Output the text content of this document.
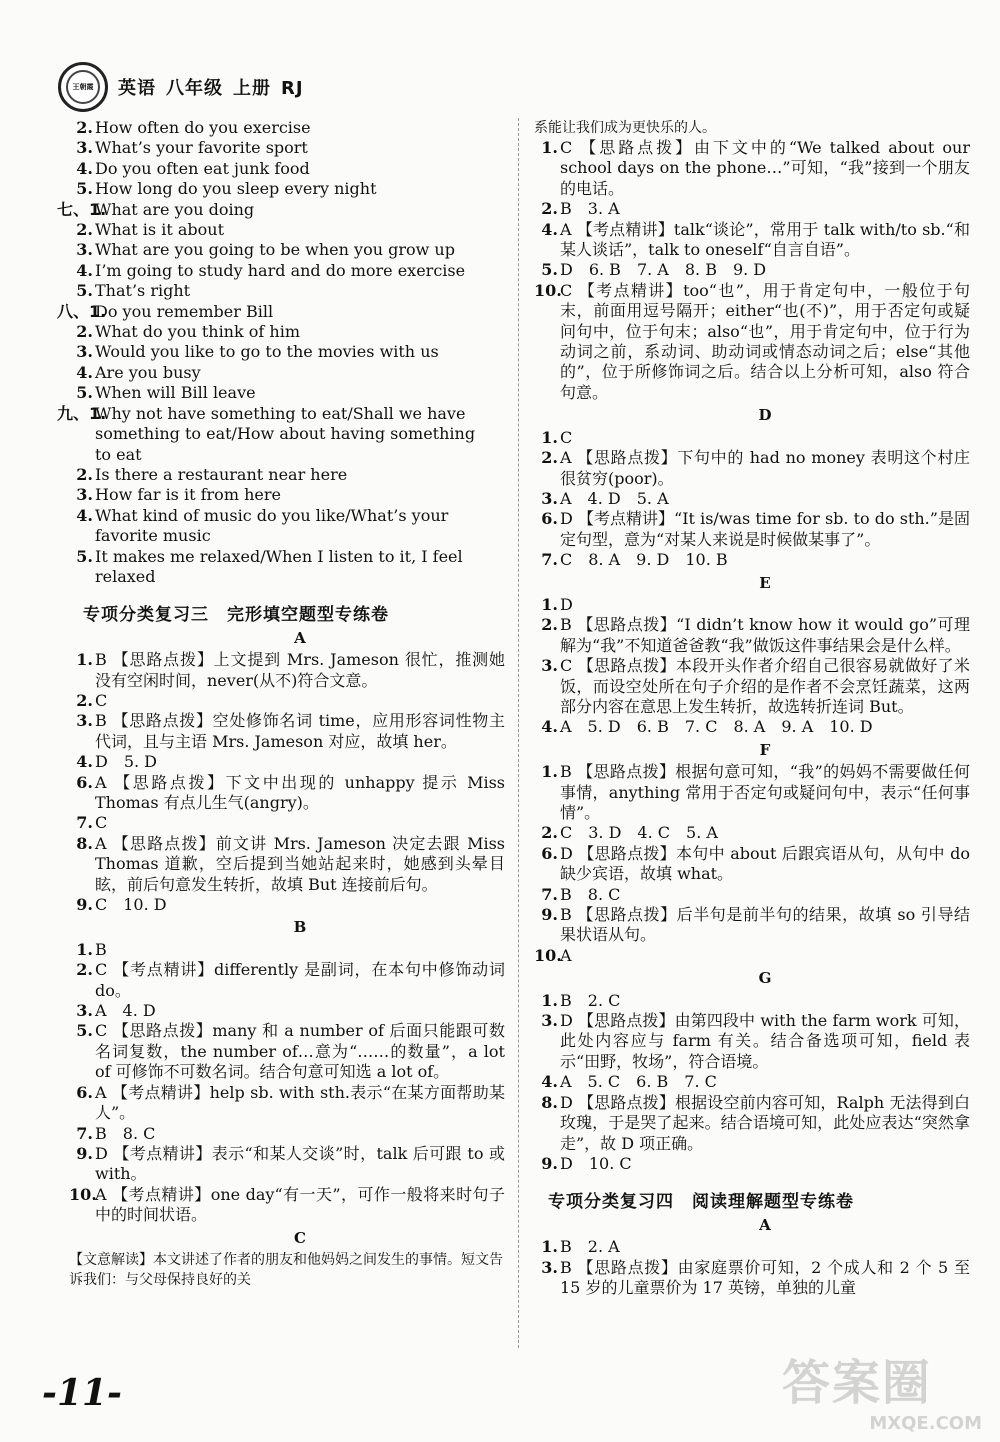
王朝霞 英语 八年级 上册 RJ
2. How often do you exercise
3. What’s your favorite sport
4. Do you often eat junk food
5. How long do you sleep every night
七、1.
What are you doing
2. What is it about
3. What are you going to be when you grow up
4. I’m going to study hard and do more exercise
5. That’s right
八、1.
Do you remember Bill
2. What do you think of him
3. Would you like to go to the movies with us
4. Are you busy
5. When will Bill leave
九、1.
Why not have something to eat/Shall we have
something to eat/How about having something
to eat
2. Is there a restaurant near here
3. How far is it from here
4. What kind of music do you like/What’s your
favorite music
5. It makes me relaxed/When I listen to it, I feel
relaxed
专项分类复习三　完形填空题型专练卷
A
1. B 【思路点拨】上文提到 Mrs. Jameson 很忙，推测她没有空闲时间，never(从不)符合文意。
2. C
3. B 【思路点拨】空处修饰名词 time，应用形容词性物主代词，且与主语 Mrs. Jameson 对应，故填 her。
4. D　5. D
6. A 【思路点拨】下文中出现的 unhappy 提示 Miss Thomas 有点儿生气(angry)。
7. C
8. A 【思路点拨】前文讲 Mrs. Jameson 决定去跟 Miss Thomas 道歉，空后提到当她站起来时，她感到头晕目眩，前后句意发生转折，故填 But 连接前后句。
9. C　10. D
B
1. B
2. C 【考点精讲】differently 是副词，在本句中修饰动词 do。
3. A　4. D
5. C 【思路点拨】many 和 a number of 后面只能跟可数名词复数，the number of…意为“……的数量”，a lot of 可修饰不可数名词。结合句意可知选 a lot of。
6. A 【考点精讲】help sb. with sth.表示“在某方面帮助某人”。
7. B　8. C
9. D 【考点精讲】表示“和某人交谈”时，talk 后可跟 to 或 with。
10.
A 【考点精讲】one day“有一天”，可作一般将来时句子中的时间状语。
C
【文意解读】本文讲述了作者的朋友和他妈妈之间发生的事情。短文告诉我们：与父母保持良好的关
系能让我们成为更快乐的人。
1. C 【思路点拨】由下文中的“We talked about our school days on the phone…”可知，“我”接到一个朋友的电话。
2. B　3. A
4. A 【考点精讲】talk“谈论”，常用于 talk with/to sb.“和某人谈话”，talk to oneself“自言自语”。
5. D　6. B　7. A　8. B　9. D
10.
C 【考点精讲】too“也”，用于肯定句中，一般位于句末，前面用逗号隔开；either“也(不)”，用于否定句或疑问句中，位于句末；also“也”，用于肯定句中，位于行为动词之前，系动词、助动词或情态动词之后；else“其他的”，位于所修饰词之后。结合以上分析可知，also 符合句意。
D
1. C
2. A 【思路点拨】下句中的 had no money 表明这个村庄很贫穷(poor)。
3. A　4. D　5. A
6. D 【考点精讲】“It is/was time for sb. to do sth.”是固定句型，意为“对某人来说是时候做某事了”。
7. C　8. A　9. D　10. B
E
1. D
2. B 【思路点拨】“I didn’t know how it would go”可理解为“我”不知道爸爸教“我”做饭这件事结果会是什么样。
3. C 【思路点拨】本段开头作者介绍自己很容易就做好了米饭，而设空处所在句子介绍的是作者不会烹饪蔬菜，这两部分内容在意思上发生转折，故选转折连词 But。
4. A　5. D　6. B　7. C　8. A　9. A　10. D
F
1. B 【思路点拨】根据句意可知，“我”的妈妈不需要做任何事情，anything 常用于否定句或疑问句中，表示“任何事情”。
2. C　3. D　4. C　5. A
6. D 【思路点拨】本句中 about 后跟宾语从句，从句中 do 缺少宾语，故填 what。
7. B　8. C
9. B 【思路点拨】后半句是前半句的结果，故填 so 引导结果状语从句。
10.
A
G
1. B　2. C
3. D 【思路点拨】由第四段中 with the farm work 可知，此处内容应与 farm 有关。结合备选项可知，field 表示“田野，牧场”，符合语境。
4. A　5. C　6. B　7. C
8. D 【思路点拨】根据设空前内容可知，Ralph 无法得到白玫瑰，于是哭了起来。结合语境可知，此处应表达“突然拿走”，故 D 项正确。
9. D　10. C
专项分类复习四　阅读理解题型专练卷
A
1. B　2. A
3. B 【思路点拨】由家庭票价可知，2 个成人和 2 个 5 至 15 岁的儿童票价为 17 英镑，单独的儿童
-11-	答案圈
MXQE.COM
